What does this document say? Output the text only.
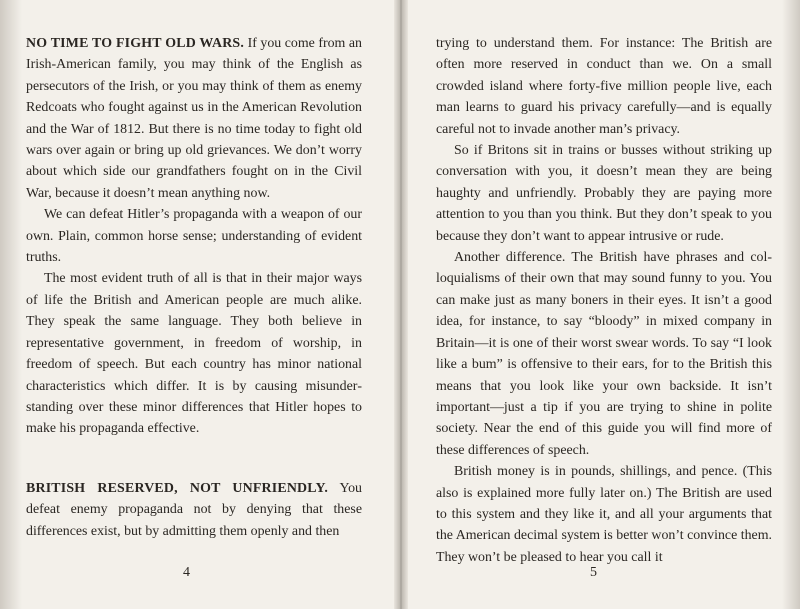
NO TIME TO FIGHT OLD WARS. If you come from an Irish-American family, you may think of the English as persecutors of the Irish, or you may think of them as enemy Redcoats who fought against us in the American Revolution and the War of 1812. But there is no time today to fight old wars over again or bring up old grievances. We don’t worry about which side our grandfathers fought on in the Civil War, because it doesn’t mean anything now.

We can defeat Hitler’s propaganda with a weapon of our own. Plain, common horse sense; understanding of evident truths.

The most evident truth of all is that in their major ways of life the British and American people are much alike. They speak the same language. They both believe in representative government, in freedom of worship, in freedom of speech. But each country has minor national characteristics which differ. It is by causing misunderstanding over these minor differences that Hitler hopes to make his propaganda effective.

BRITISH RESERVED, NOT UNFRIENDLY. You defeat enemy propaganda not by denying that these differences exist, but by admitting them openly and then

4

trying to understand them. For instance: The British are often more reserved in conduct than we. On a small crowded island where forty-five million people live, each man learns to guard his privacy carefully—and is equally careful not to invade another man’s privacy.

So if Britons sit in trains or busses without striking up conversation with you, it doesn’t mean they are being haughty and unfriendly. Probably they are paying more attention to you than you think. But they don’t speak to you because they don’t want to appear intrusive or rude.

Another difference. The British have phrases and colloquialisms of their own that may sound funny to you. You can make just as many boners in their eyes. It isn’t a good idea, for instance, to say “bloody” in mixed company in Britain—it is one of their worst swear words. To say “I look like a bum” is offensive to their ears, for to the British this means that you look like your own backside. It isn’t important—just a tip if you are trying to shine in polite society. Near the end of this guide you will find more of these differences of speech.

British money is in pounds, shillings, and pence. (This also is explained more fully later on.) The British are used to this system and they like it, and all your arguments that the American decimal system is better won’t convince them. They won’t be pleased to hear you call it

5
